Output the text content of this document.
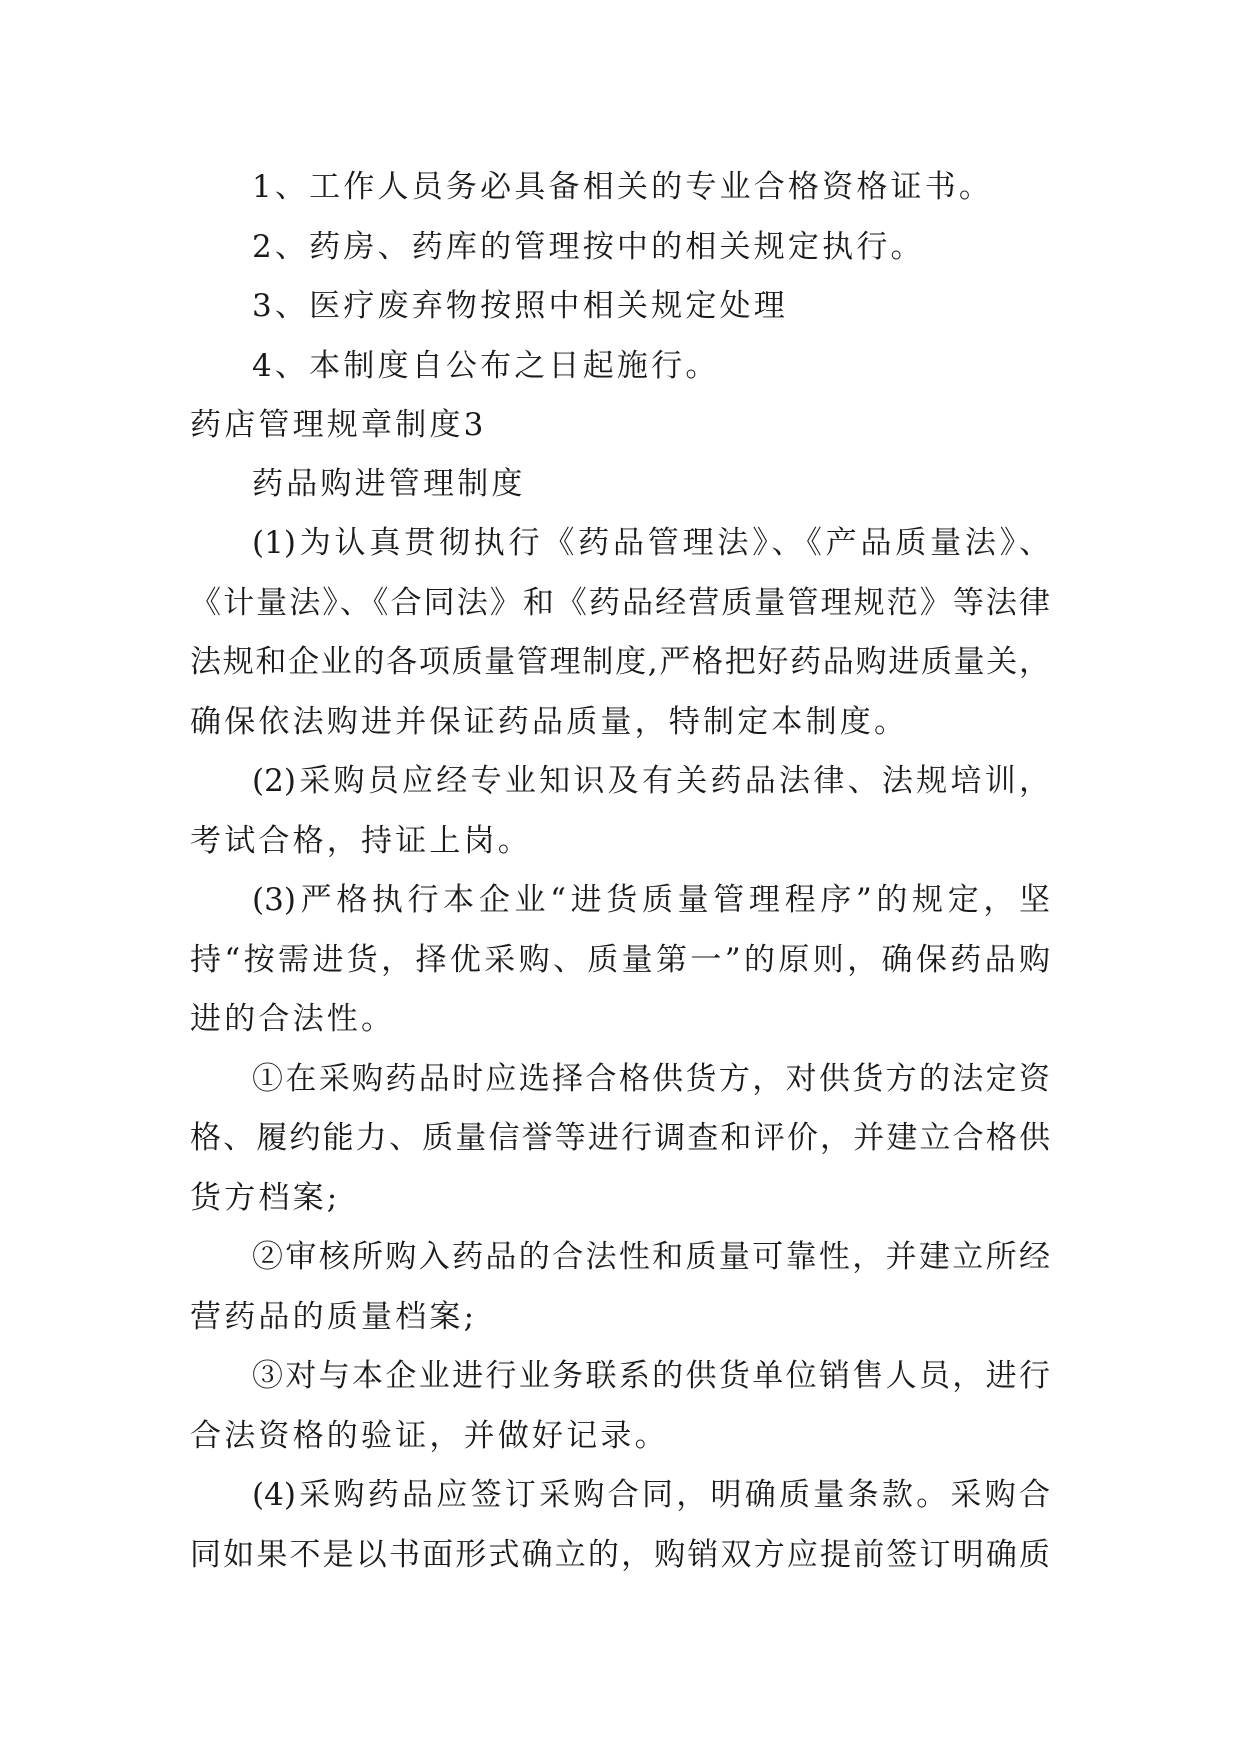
1、工作人员务必具备相关的专业合格资格证书。
2、药房、药库的管理按中的相关规定执行。
3、医疗废弃物按照中相关规定处理
4、本制度自公布之日起施行。
药店管理规章制度3
药品购进管理制度
(1)为认真贯彻执行《药品管理法》、《产品质量法》、
《计量法》、《合同法》和《药品经营质量管理规范》等法律
法规和企业的各项质量管理制度,严格把好药品购进质量关，
确保依法购进并保证药品质量，特制定本制度。
(2)采购员应经专业知识及有关药品法律、法规培训，
考试合格，持证上岗。
(3)严格执行本企业“进货质量管理程序”的规定，坚
持“按需进货，择优采购、质量第一”的原则，确保药品购
进的合法性。
①在采购药品时应选择合格供货方，对供货方的法定资
格、履约能力、质量信誉等进行调查和评价，并建立合格供
货方档案;
②审核所购入药品的合法性和质量可靠性，并建立所经
营药品的质量档案;
③对与本企业进行业务联系的供货单位销售人员，进行
合法资格的验证，并做好记录。
(4)采购药品应签订采购合同，明确质量条款。采购合
同如果不是以书面形式确立的，购销双方应提前签订明确质
